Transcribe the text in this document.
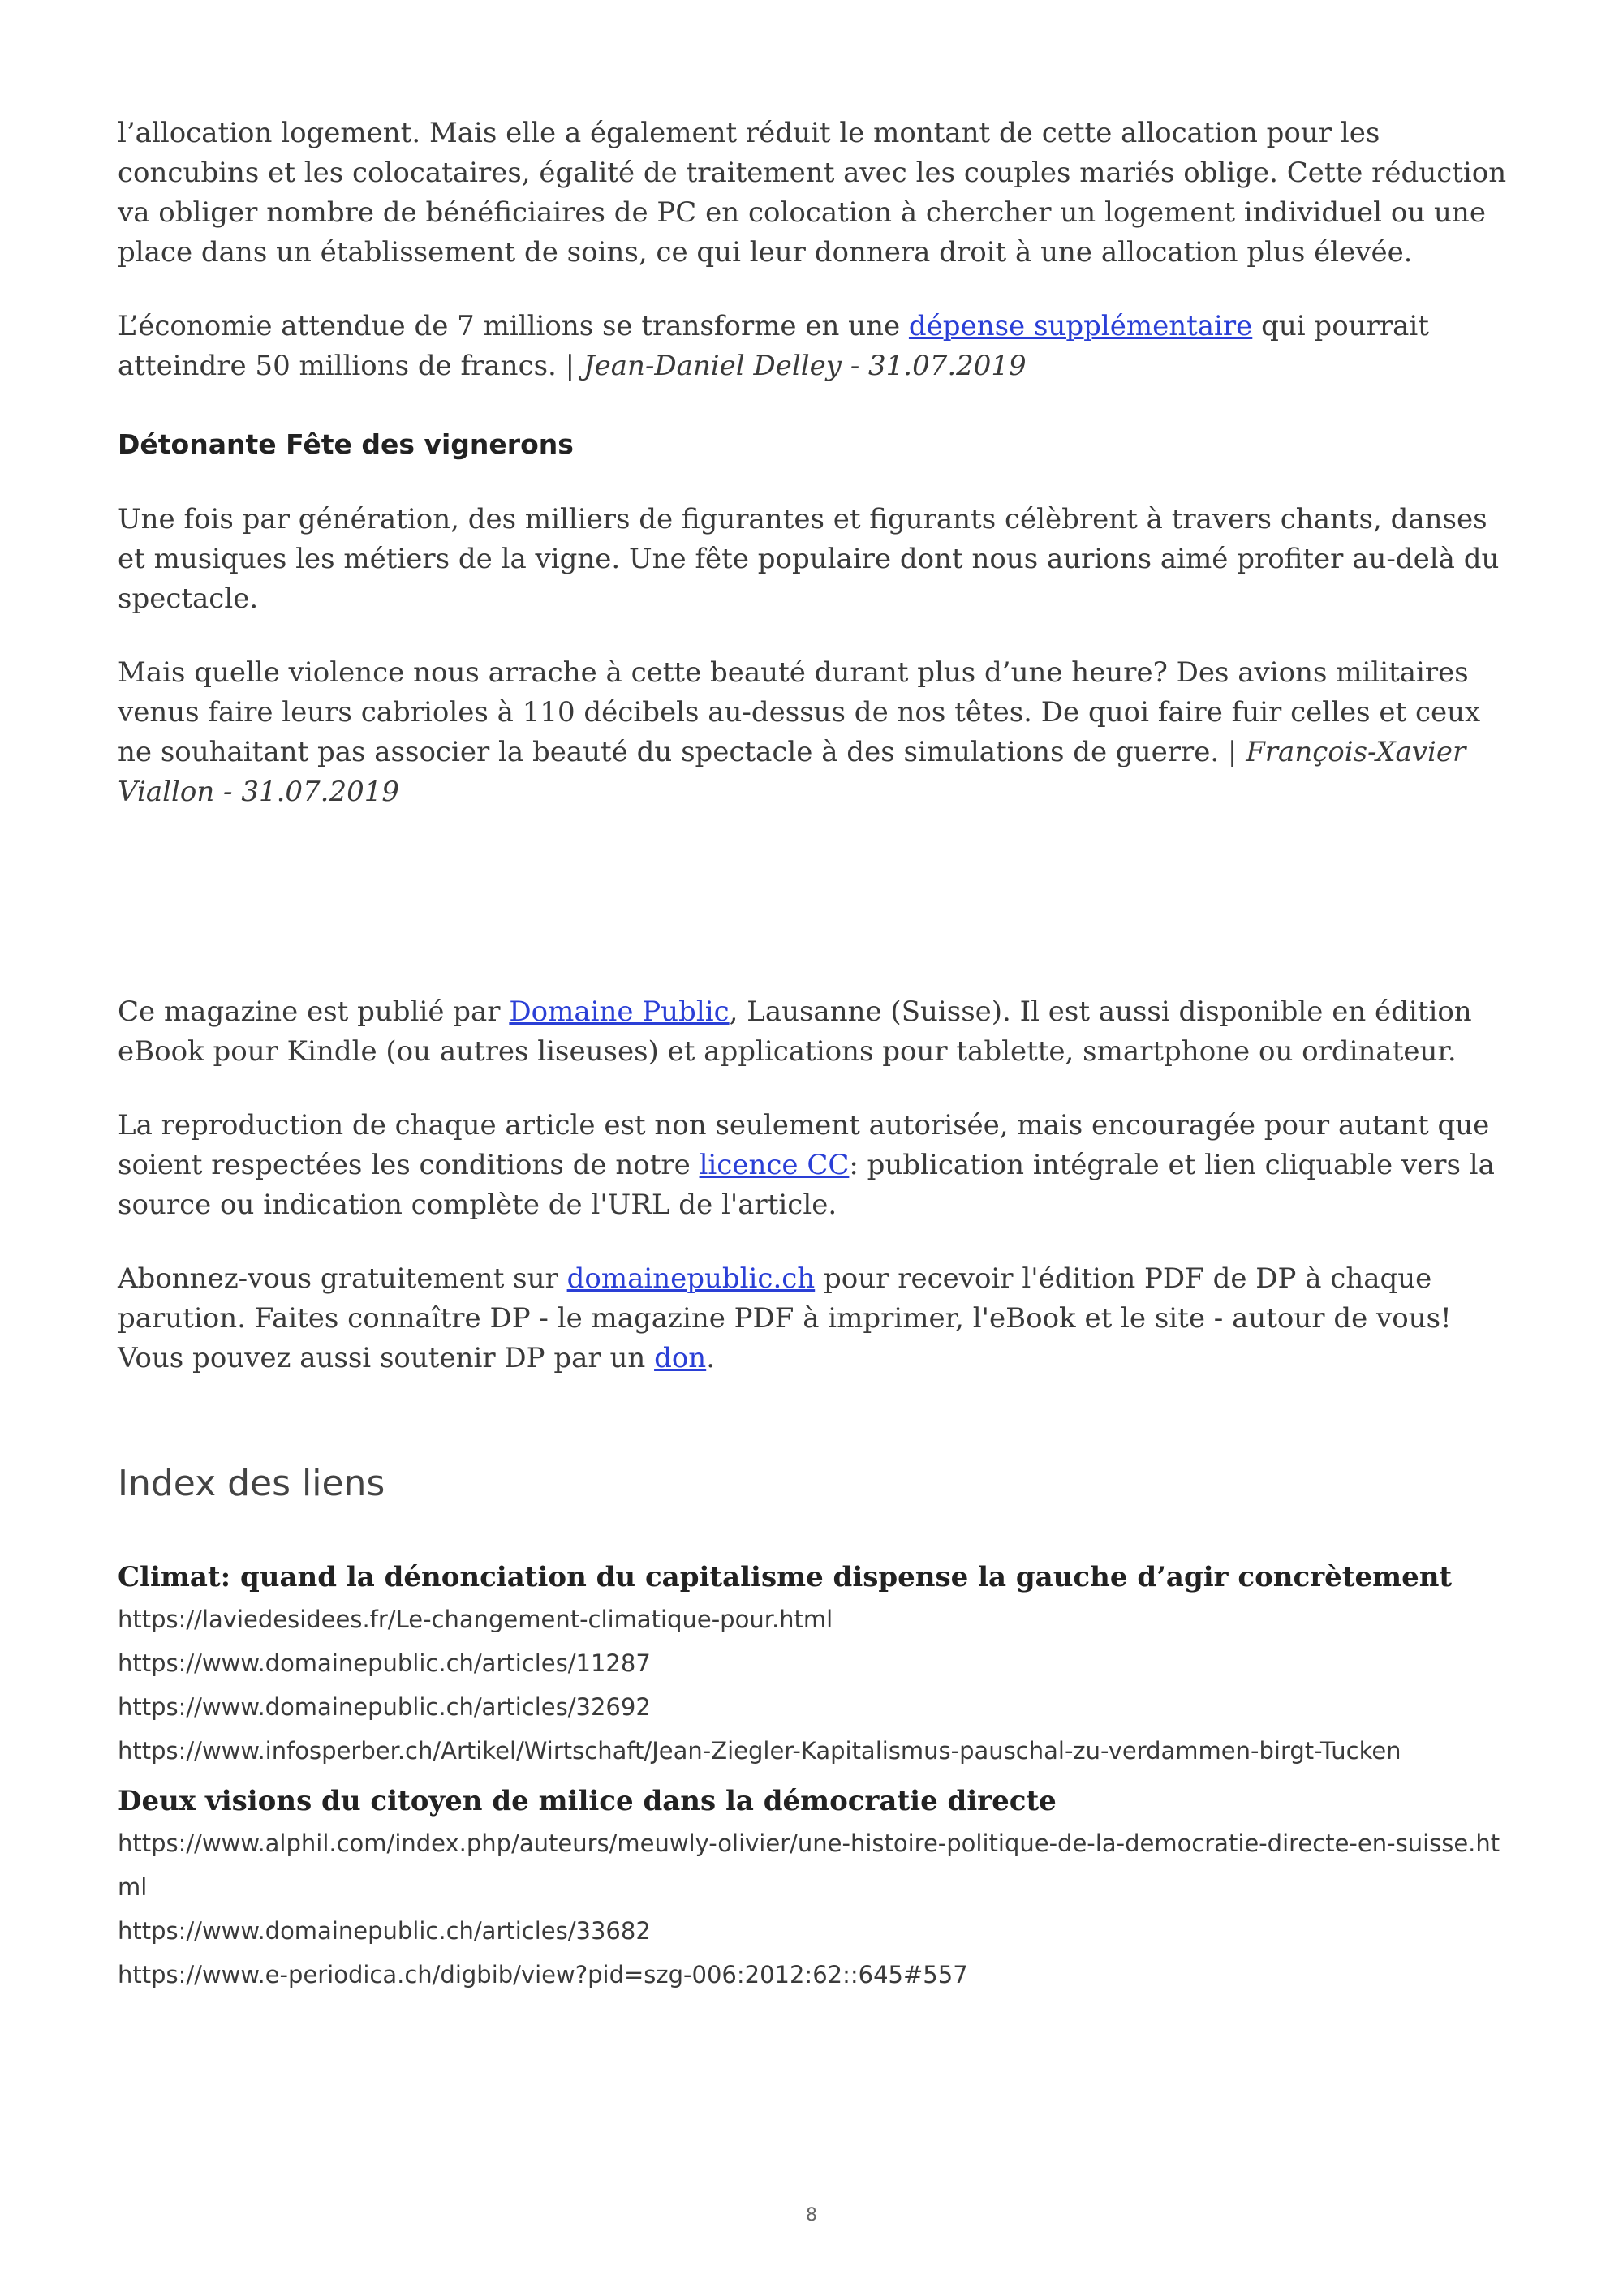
l’allocation logement. Mais elle a également réduit le montant de cette allocation pour les concubins et les colocataires, égalité de traitement avec les couples mariés oblige. Cette réduction va obliger nombre de bénéficiaires de PC en colocation à chercher un logement individuel ou une place dans un établissement de soins, ce qui leur donnera droit à une allocation plus élevée.

L’économie attendue de 7 millions se transforme en une dépense supplémentaire qui pourrait atteindre 50 millions de francs. | Jean-Daniel Delley - 31.07.2019

Détonante Fête des vignerons

Une fois par génération, des milliers de figurantes et figurants célèbrent à travers chants, danses et musiques les métiers de la vigne. Une fête populaire dont nous aurions aimé profiter au-delà du spectacle.

Mais quelle violence nous arrache à cette beauté durant plus d’une heure? Des avions militaires venus faire leurs cabrioles à 110 décibels au-dessus de nos têtes. De quoi faire fuir celles et ceux ne souhaitant pas associer la beauté du spectacle à des simulations de guerre. | François-Xavier Viallon - 31.07.2019

Ce magazine est publié par Domaine Public, Lausanne (Suisse). Il est aussi disponible en édition eBook pour Kindle (ou autres liseuses) et applications pour tablette, smartphone ou ordinateur.

La reproduction de chaque article est non seulement autorisée, mais encouragée pour autant que soient respectées les conditions de notre licence CC: publication intégrale et lien cliquable vers la source ou indication complète de l'URL de l'article.

Abonnez-vous gratuitement sur domainepublic.ch pour recevoir l'édition PDF de DP à chaque parution. Faites connaître DP - le magazine PDF à imprimer, l'eBook et le site - autour de vous! Vous pouvez aussi soutenir DP par un don.

Index des liens
Climat: quand la dénonciation du capitalisme dispense la gauche d’agir concrètement

https://laviedesidees.fr/Le-changement-climatique-pour.html

https://www.domainepublic.ch/articles/11287

https://www.domainepublic.ch/articles/32692

https://www.infosperber.ch/Artikel/Wirtschaft/Jean-Ziegler-Kapitalismus-pauschal-zu-verdammen-birgt-Tucken

Deux visions du citoyen de milice dans la démocratie directe

https://www.alphil.com/index.php/auteurs/meuwly-olivier/une-histoire-politique-de-la-democratie-directe-en-suisse.html

https://www.domainepublic.ch/articles/33682

https://www.e-periodica.ch/digbib/view?pid=szg-006:2012:62::645#557

8
